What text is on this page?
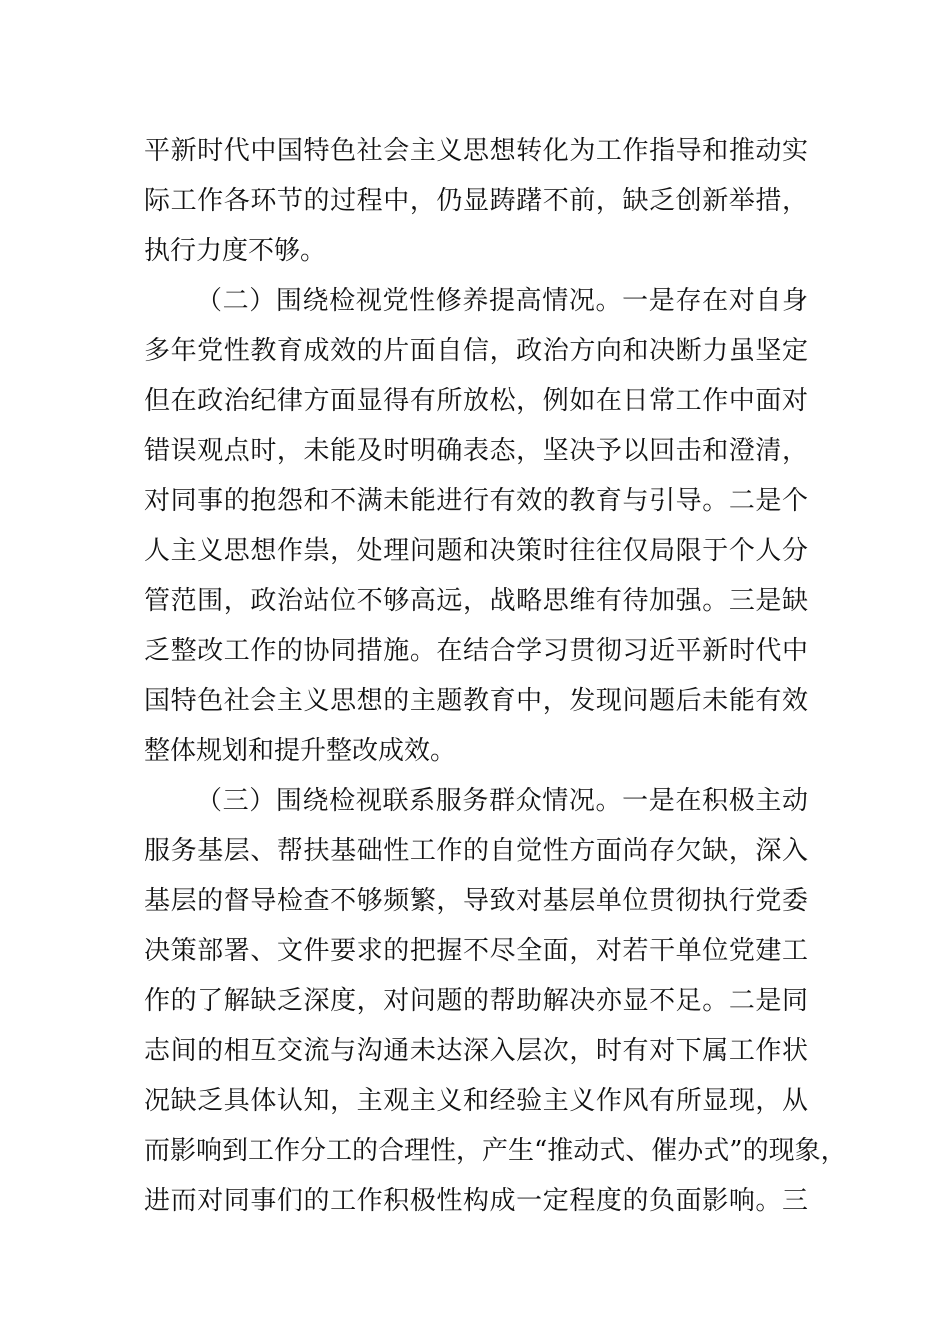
平新时代中国特色社会主义思想转化为工作指导和推动实
际工作各环节的过程中，仍显踌躇不前，缺乏创新举措，
执行力度不够。
（二）围绕检视党性修养提高情况。一是存在对自身
多年党性教育成效的片面自信，政治方向和决断力虽坚定
但在政治纪律方面显得有所放松，例如在日常工作中面对
错误观点时，未能及时明确表态，坚决予以回击和澄清，
对同事的抱怨和不满未能进行有效的教育与引导。二是个
人主义思想作祟，处理问题和决策时往往仅局限于个人分
管范围，政治站位不够高远，战略思维有待加强。三是缺
乏整改工作的协同措施。在结合学习贯彻习近平新时代中
国特色社会主义思想的主题教育中，发现问题后未能有效
整体规划和提升整改成效。
（三）围绕检视联系服务群众情况。一是在积极主动
服务基层、帮扶基础性工作的自觉性方面尚存欠缺，深入
基层的督导检查不够频繁，导致对基层单位贯彻执行党委
决策部署、文件要求的把握不尽全面，对若干单位党建工
作的了解缺乏深度，对问题的帮助解决亦显不足。二是同
志间的相互交流与沟通未达深入层次，时有对下属工作状
况缺乏具体认知，主观主义和经验主义作风有所显现，从
而影响到工作分工的合理性，产生“推动式、催办式”的现象，
进而对同事们的工作积极性构成一定程度的负面影响。三
